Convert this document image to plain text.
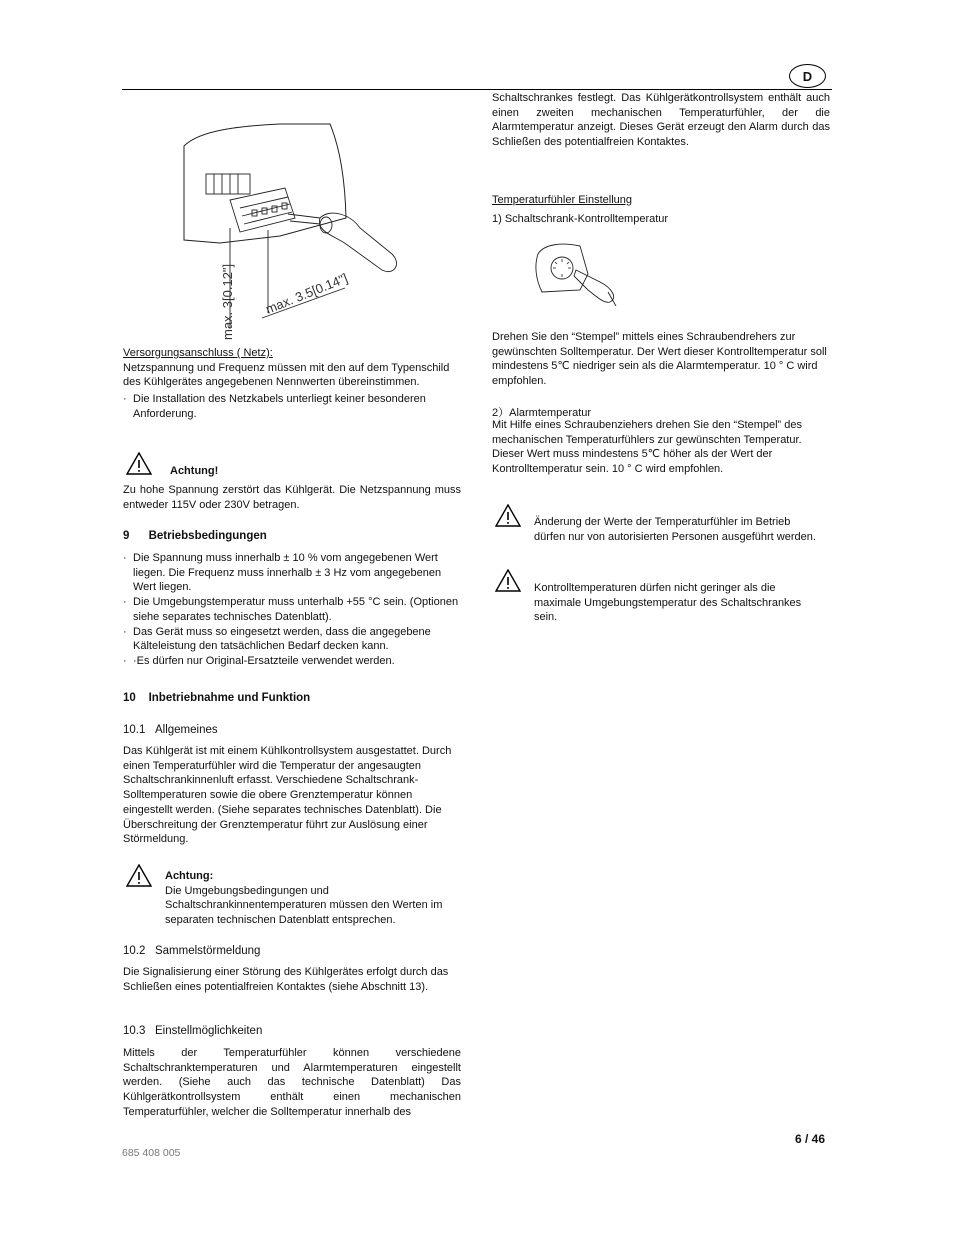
D
max. 3[0.12"] max. 3.5[0.14"]

Versorgungsanschluss ( Netz):

Netzspannung und Frequenz müssen mit den auf dem Typenschild des Kühlgerätes angegebenen Nennwerten übereinstimmen.

· Die Installation des Netzkabels unterliegt keiner besonderen Anforderung.

Achtung!
Zu hohe Spannung zerstört das Kühlgerät. Die Netzspannung muss entweder 115V oder 230V betragen.
9      Betriebsbedingungen

· Die Spannung muss innerhalb ± 10 % vom angegebenen Wert liegen. Die Frequenz muss innerhalb ± 3 Hz vom angegebenen Wert liegen.

· Die Umgebungstemperatur muss unterhalb +55 °C sein. (Optionen siehe separates technisches Datenblatt).

· Das Gerät muss so eingesetzt werden, dass die angegebene Kälteleistung den tatsächlichen Bedarf decken kann.

· ·Es dürfen nur Original-Ersatzteile verwendet werden.

10    Inbetriebnahme und Funktion
10.1   Allgemeines
Das Kühlgerät ist mit einem Kühlkontrollsystem ausgestattet. Durch einen Temperaturfühler wird die Temperatur der angesaugten Schaltschrankinnenluft erfasst. Verschiedene Schaltschrank-Solltemperaturen sowie die obere Grenztemperatur können eingestellt werden. (Siehe separates technisches Datenblatt). Die Überschreitung der Grenztemperatur führt zur Auslösung einer Störmeldung.

Achtung:

Die Umgebungsbedingungen und Schaltschrankinnentemperaturen müssen den Werten im separaten technischen Datenblatt entsprechen.

10.2   Sammelstörmeldung
Die Signalisierung einer Störung des Kühlgerätes erfolgt durch das Schließen eines potentialfreien Kontaktes (siehe Abschnitt 13).
10.3   Einstellmöglichkeiten
Mittels der Temperaturfühler können verschiedene Schaltschranktemperaturen und Alarmtemperaturen eingestellt werden. (Siehe auch das technische Datenblatt) Das Kühlgerätkontrollsystem enthält einen mechanischen Temperaturfühler, welcher die Solltemperatur innerhalb des
Schaltschrankes festlegt. Das Kühlgerätkontrollsystem enthält auch einen zweiten mechanischen Temperaturfühler, der die Alarmtemperatur anzeigt. Dieses Gerät erzeugt den Alarm durch das Schließen des potentialfreien Kontaktes.
Temperaturfühler Einstellung
1) Schaltschrank-Kontrolltemperatur
Drehen Sie den “Stempel” mittels eines Schraubendrehers zur gewünschten Solltemperatur. Der Wert dieser Kontrolltemperatur soll mindestens 5℃ niedriger sein als die Alarmtemperatur. 10 ° C wird empfohlen.
2）Alarmtemperatur
Mit Hilfe eines Schraubenziehers drehen Sie den “Stempel” des mechanischen Temperaturfühlers zur gewünschten Temperatur. Dieser Wert muss mindestens 5℃ höher als der Wert der Kontrolltemperatur sein. 10 ° C wird empfohlen.
Änderung der Werte der Temperaturfühler im Betrieb dürfen nur von autorisierten Personen ausgeführt werden.
Kontrolltemperaturen dürfen nicht geringer als die maximale Umgebungstemperatur des Schaltschrankes sein.
6 / 46
685 408 005
